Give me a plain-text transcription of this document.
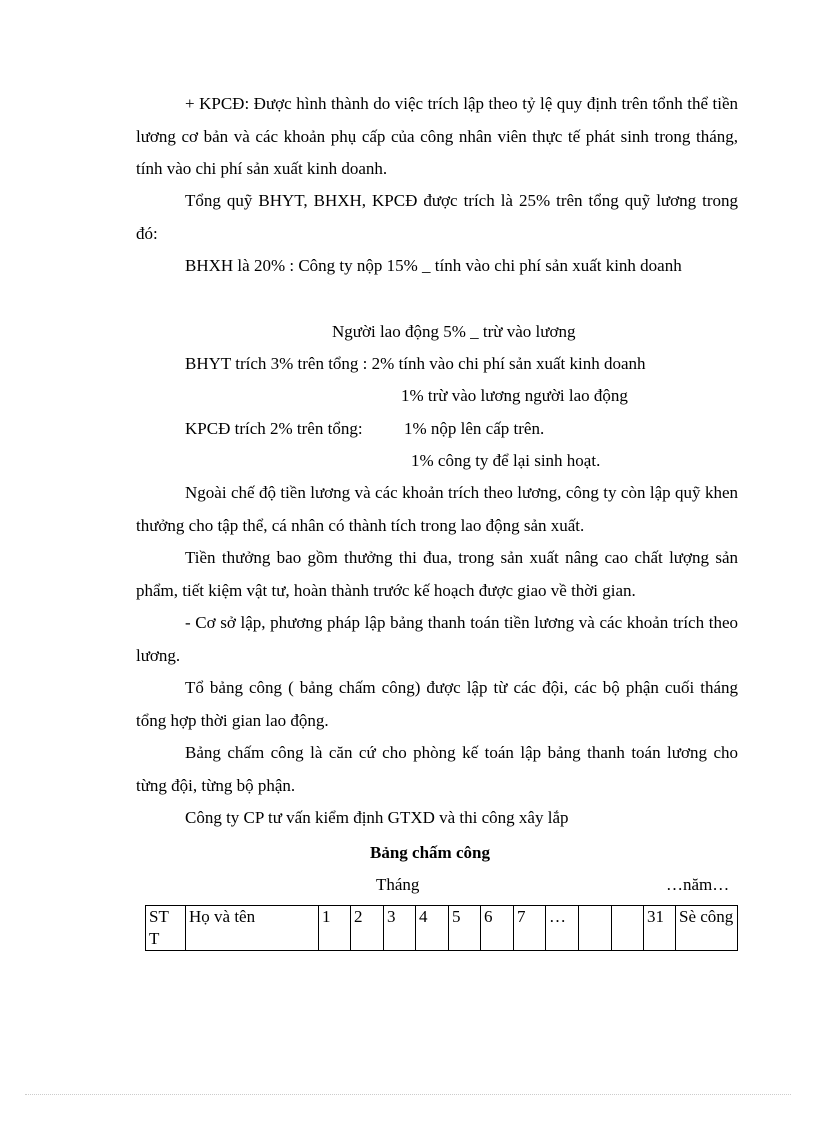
+ KPCĐ: Được hình thành do việc trích lập theo tỷ lệ quy định trên tổnh thể tiền lương cơ bản và các khoản phụ cấp của công nhân viên thực tế phát sinh trong tháng, tính vào chi phí sản xuất kinh doanh.

Tổng quỹ BHYT, BHXH, KPCĐ được trích là 25% trên tổng quỹ lương trong đó:

BHXH là 20% : Công ty nộp 15% _ tính vào chi phí sản xuất kinh doanh

Người lao động 5% _ trừ vào lương
BHYT trích 3% trên tổng : 2% tính vào chi phí sản xuất kinh doanh
1% trừ vào lương người lao động
KPCĐ trích 2% trên tổng: 1% nộp lên cấp trên.
1% công ty để lại sinh hoạt.

Ngoài chế độ tiền lương và các khoản trích theo lương, công ty còn lập quỹ khen thưởng cho tập thể, cá nhân có thành tích trong lao động sản xuất.

Tiền thưởng bao gồm thưởng thi đua, trong sản xuất nâng cao chất lượng sản phẩm, tiết kiệm vật tư, hoàn thành trước kế hoạch được giao về thời gian.

- Cơ sở lập, phương pháp lập bảng thanh toán tiền lương và các khoản trích theo lương.

Tổ bảng công ( bảng chấm công) được lập từ các đội, các bộ phận cuối tháng tổng hợp thời gian lao động.

Bảng chấm công là căn cứ cho phòng kế toán lập bảng thanh toán lương cho từng đội, từng bộ phận.

Công ty CP tư vấn kiểm định GTXD và thi công xây lắp

Bảng chấm công
Tháng	…năm…
ST T	Họ và tên	1	2	3	4	5	6	7	…			31	Sè công
